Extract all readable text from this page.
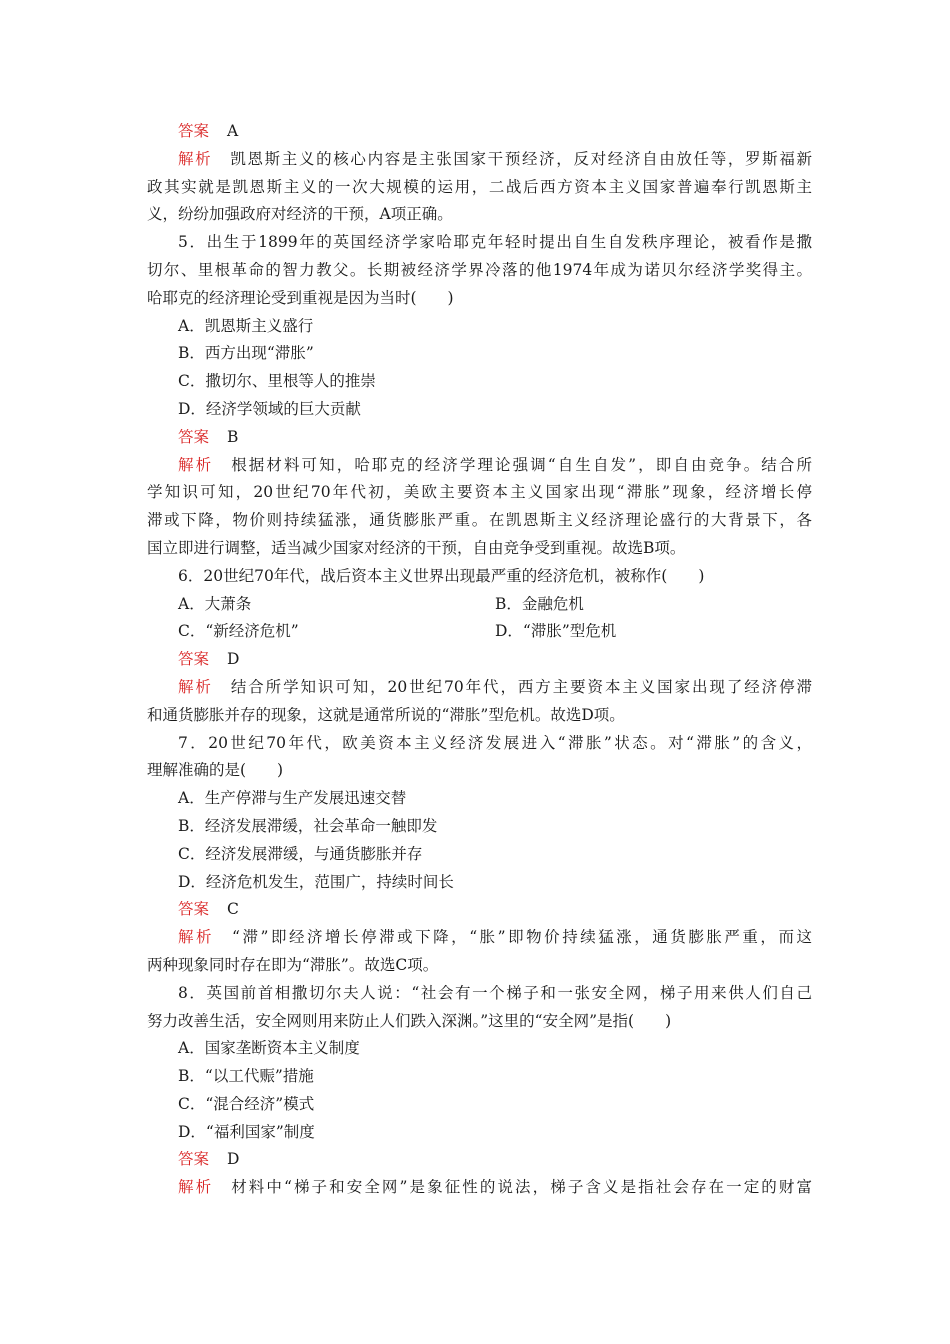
答案 A
解析 凯恩斯主义的核心内容是主张国家干预经济，反对经济自由放任等，罗斯福新
政其实就是凯恩斯主义的一次大规模的运用，二战后西方资本主义国家普遍奉行凯恩斯主
义，纷纷加强政府对经济的干预，A项正确。
5．出生于1899年的英国经济学家哈耶克年轻时提出自生自发秩序理论，被看作是撒
切尔、里根革命的智力教父。长期被经济学界冷落的他1974年成为诺贝尔经济学奖得主。
哈耶克的经济理论受到重视是因为当时(　　)
A．凯恩斯主义盛行
B．西方出现“滞胀”
C．撒切尔、里根等人的推崇
D．经济学领域的巨大贡献
答案 B
解析 根据材料可知，哈耶克的经济学理论强调“自生自发”，即自由竞争。结合所
学知识可知，20世纪70年代初，美欧主要资本主义国家出现“滞胀”现象，经济增长停
滞或下降，物价则持续猛涨，通货膨胀严重。在凯恩斯主义经济理论盛行的大背景下，各
国立即进行调整，适当减少国家对经济的干预，自由竞争受到重视。故选B项。
6．20世纪70年代，战后资本主义世界出现最严重的经济危机，被称作(　　)
A．大萧条	B．金融危机
C．“新经济危机”	D．“滞胀”型危机
答案 D
解析 结合所学知识可知，20世纪70年代，西方主要资本主义国家出现了经济停滞
和通货膨胀并存的现象，这就是通常所说的“滞胀”型危机。故选D项。
7．20世纪70年代，欧美资本主义经济发展进入“滞胀”状态。对“滞胀”的含义，
理解准确的是(　　)
A．生产停滞与生产发展迅速交替
B．经济发展滞缓，社会革命一触即发
C．经济发展滞缓，与通货膨胀并存
D．经济危机发生，范围广，持续时间长
答案 C
解析 “滞”即经济增长停滞或下降，“胀”即物价持续猛涨，通货膨胀严重，而这
两种现象同时存在即为“滞胀”。故选C项。
8．英国前首相撒切尔夫人说：“社会有一个梯子和一张安全网，梯子用来供人们自己
努力改善生活，安全网则用来防止人们跌入深渊。”这里的“安全网”是指(　　)
A．国家垄断资本主义制度
B．“以工代赈”措施
C．“混合经济”模式
D．“福利国家”制度
答案 D
解析 材料中“梯子和安全网”是象征性的说法，梯子含义是指社会存在一定的财富
